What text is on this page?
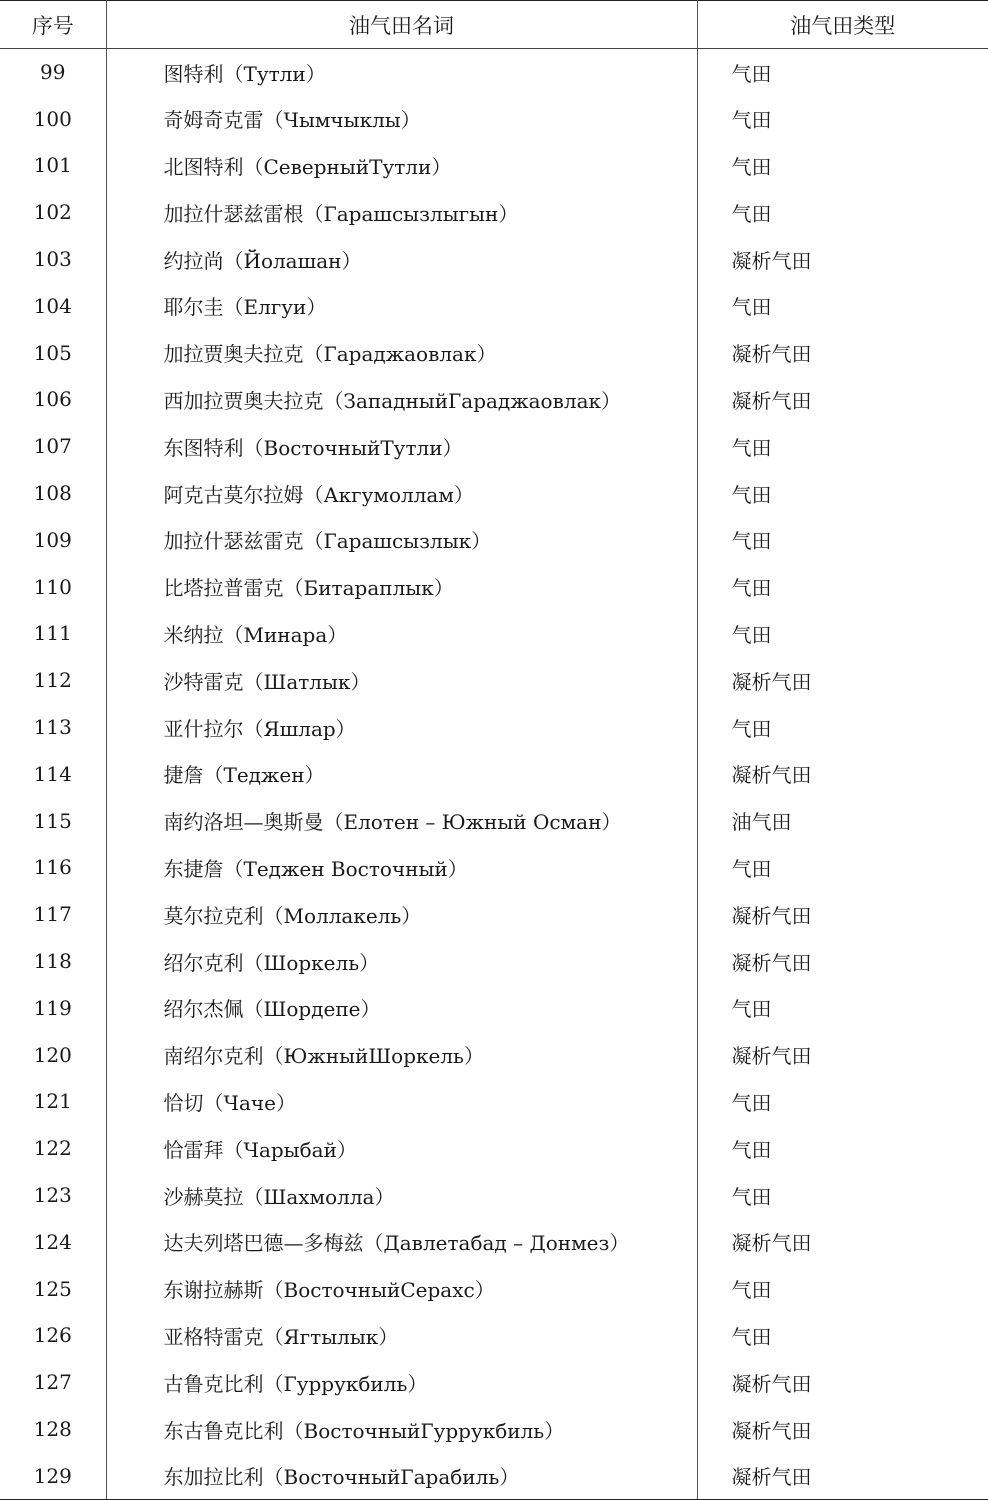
序号	油气田名词	油气田类型
99	图特利（Тутли）	气田
100	奇姆奇克雷（Чымчыклы）	气田
101	北图特利（СеверныйТутли）	气田
102	加拉什瑟兹雷根（Гарашсызлыгын）	气田
103	约拉尚（Йолашан）	凝析气田
104	耶尔圭（Елгуи）	气田
105	加拉贾奥夫拉克（Гараджаовлак）	凝析气田
106	西加拉贾奥夫拉克（ЗападныйГараджаовлак）	凝析气田
107	东图特利（ВосточныйТутли）	气田
108	阿克古莫尔拉姆（Акгумоллам）	气田
109	加拉什瑟兹雷克（Гарашсызлык）	气田
110	比塔拉普雷克（Битараплык）	气田
111	米纳拉（Минара）	气田
112	沙特雷克（Шатлык）	凝析气田
113	亚什拉尔（Яшлар）	气田
114	捷詹（Теджен）	凝析气田
115	南约洛坦—奥斯曼（Елотен – Южный Осман）	油气田
116	东捷詹（Теджен Восточный）	气田
117	莫尔拉克利（Моллакель）	凝析气田
118	绍尔克利（Шоркель）	凝析气田
119	绍尔杰佩（Шордепе）	气田
120	南绍尔克利（ЮжныйШоркель）	凝析气田
121	恰切（Чаче）	气田
122	恰雷拜（Чарыбай）	气田
123	沙赫莫拉（Шахмолла）	气田
124	达夫列塔巴德—多梅兹（Давлетабад – Донмез）	凝析气田
125	东谢拉赫斯（ВосточныйСерахс）	气田
126	亚格特雷克（Ягтылык）	气田
127	古鲁克比利（Гуррукбиль）	凝析气田
128	东古鲁克比利（ВосточныйГуррукбиль）	凝析气田
129	东加拉比利（ВосточныйГарабиль）	凝析气田
